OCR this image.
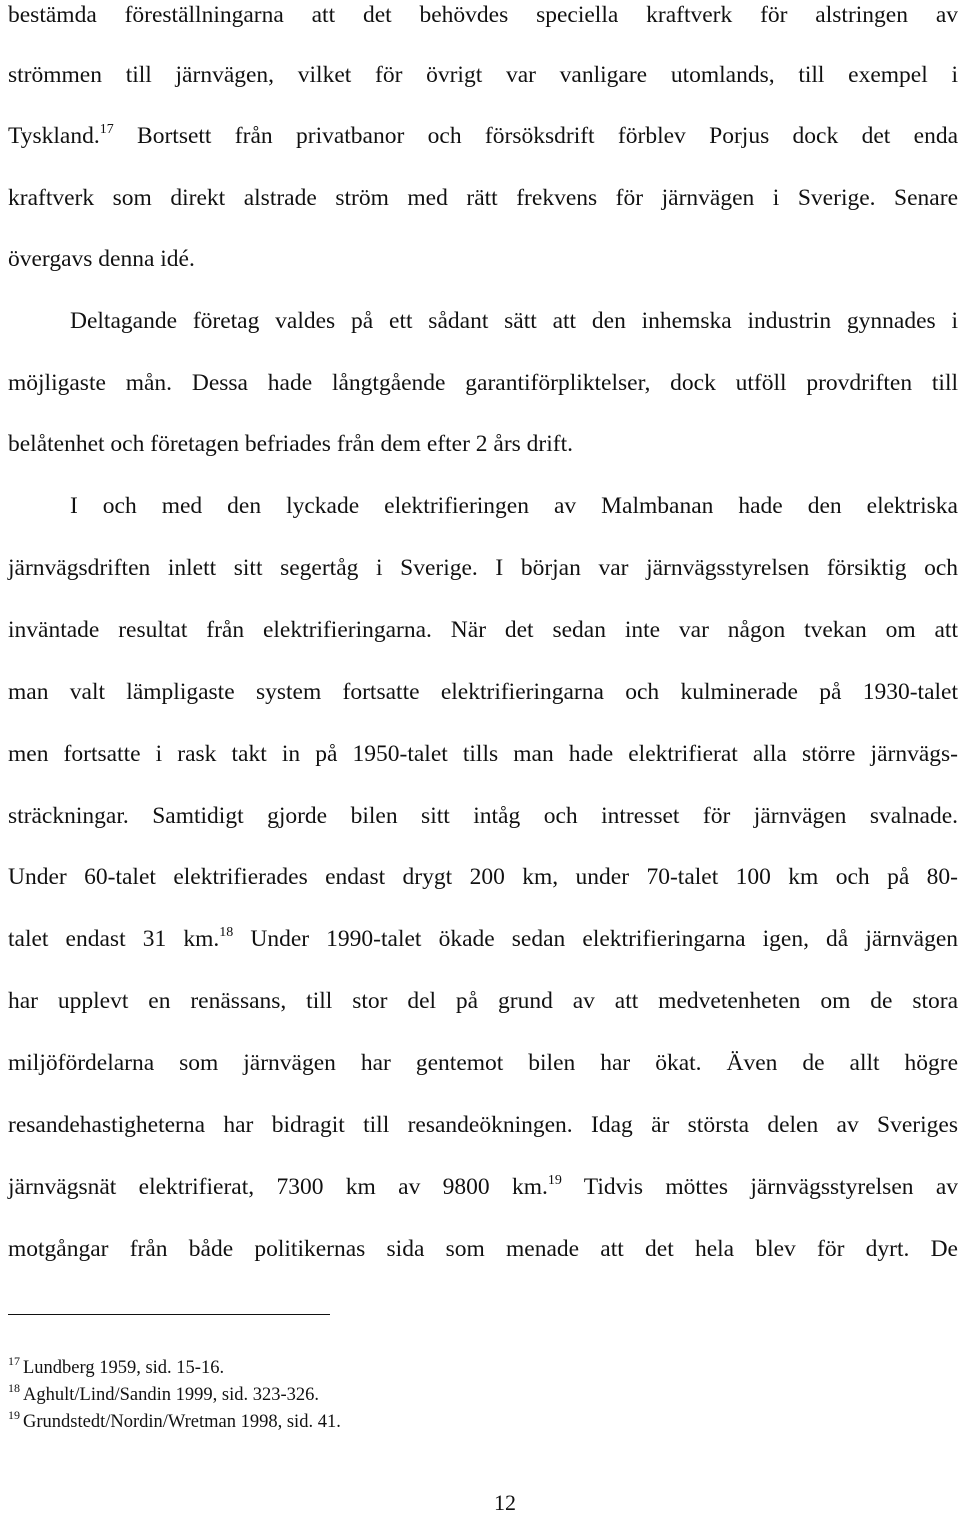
bestämda föreställningarna att det behövdes speciella kraftverk för alstringen av
strömmen till järnvägen, vilket för övrigt var vanligare utomlands, till exempel i
Tyskland.$^{17}$ Bortsett från privatbanor och försöksdrift förblev Porjus dock det enda
kraftverk som direkt alstrade ström med rätt frekvens för järnvägen i Sverige. Senare
övergavs denna idé.
Deltagande företag valdes på ett sådant sätt att den inhemska industrin gynnades i
möjligaste mån. Dessa hade långtgående garantiförpliktelser, dock utföll provdriften till
belåtenhet och företagen befriades från dem efter 2 års drift.
I och med den lyckade elektrifieringen av Malmbanan hade den elektriska
järnvägsdriften inlett sitt segertåg i Sverige. I början var järnvägsstyrelsen försiktig och
inväntade resultat från elektrifieringarna. När det sedan inte var någon tvekan om att
man valt lämpligaste system fortsatte elektrifieringarna och kulminerade på 1930-talet
men fortsatte i rask takt in på 1950-talet tills man hade elektrifierat alla större järnvägs-
sträckningar. Samtidigt gjorde bilen sitt intåg och intresset för järnvägen svalnade.
Under 60-talet elektrifierades endast drygt 200 km, under 70-talet 100 km och på 80-
talet endast 31 km.$^{18}$ Under 1990-talet ökade sedan elektrifieringarna igen, då järnvägen
har upplevt en renässans, till stor del på grund av att medvetenheten om de stora
miljöfördelarna som järnvägen har gentemot bilen har ökat. Även de allt högre
resandehastigheterna har bidragit till resandeökningen. Idag är största delen av Sveriges
järnvägsnät elektrifierat, 7300 km av 9800 km.$^{19}$ Tidvis möttes järnvägsstyrelsen av
motgångar från både politikernas sida som menade att det hela blev för dyrt. De
$^{17}$ Lundberg 1959, sid. 15-16.
$^{18}$ Aghult/Lind/Sandin 1999, sid. 323-326.
$^{19}$ Grundstedt/Nordin/Wretman 1998, sid. 41.
12
